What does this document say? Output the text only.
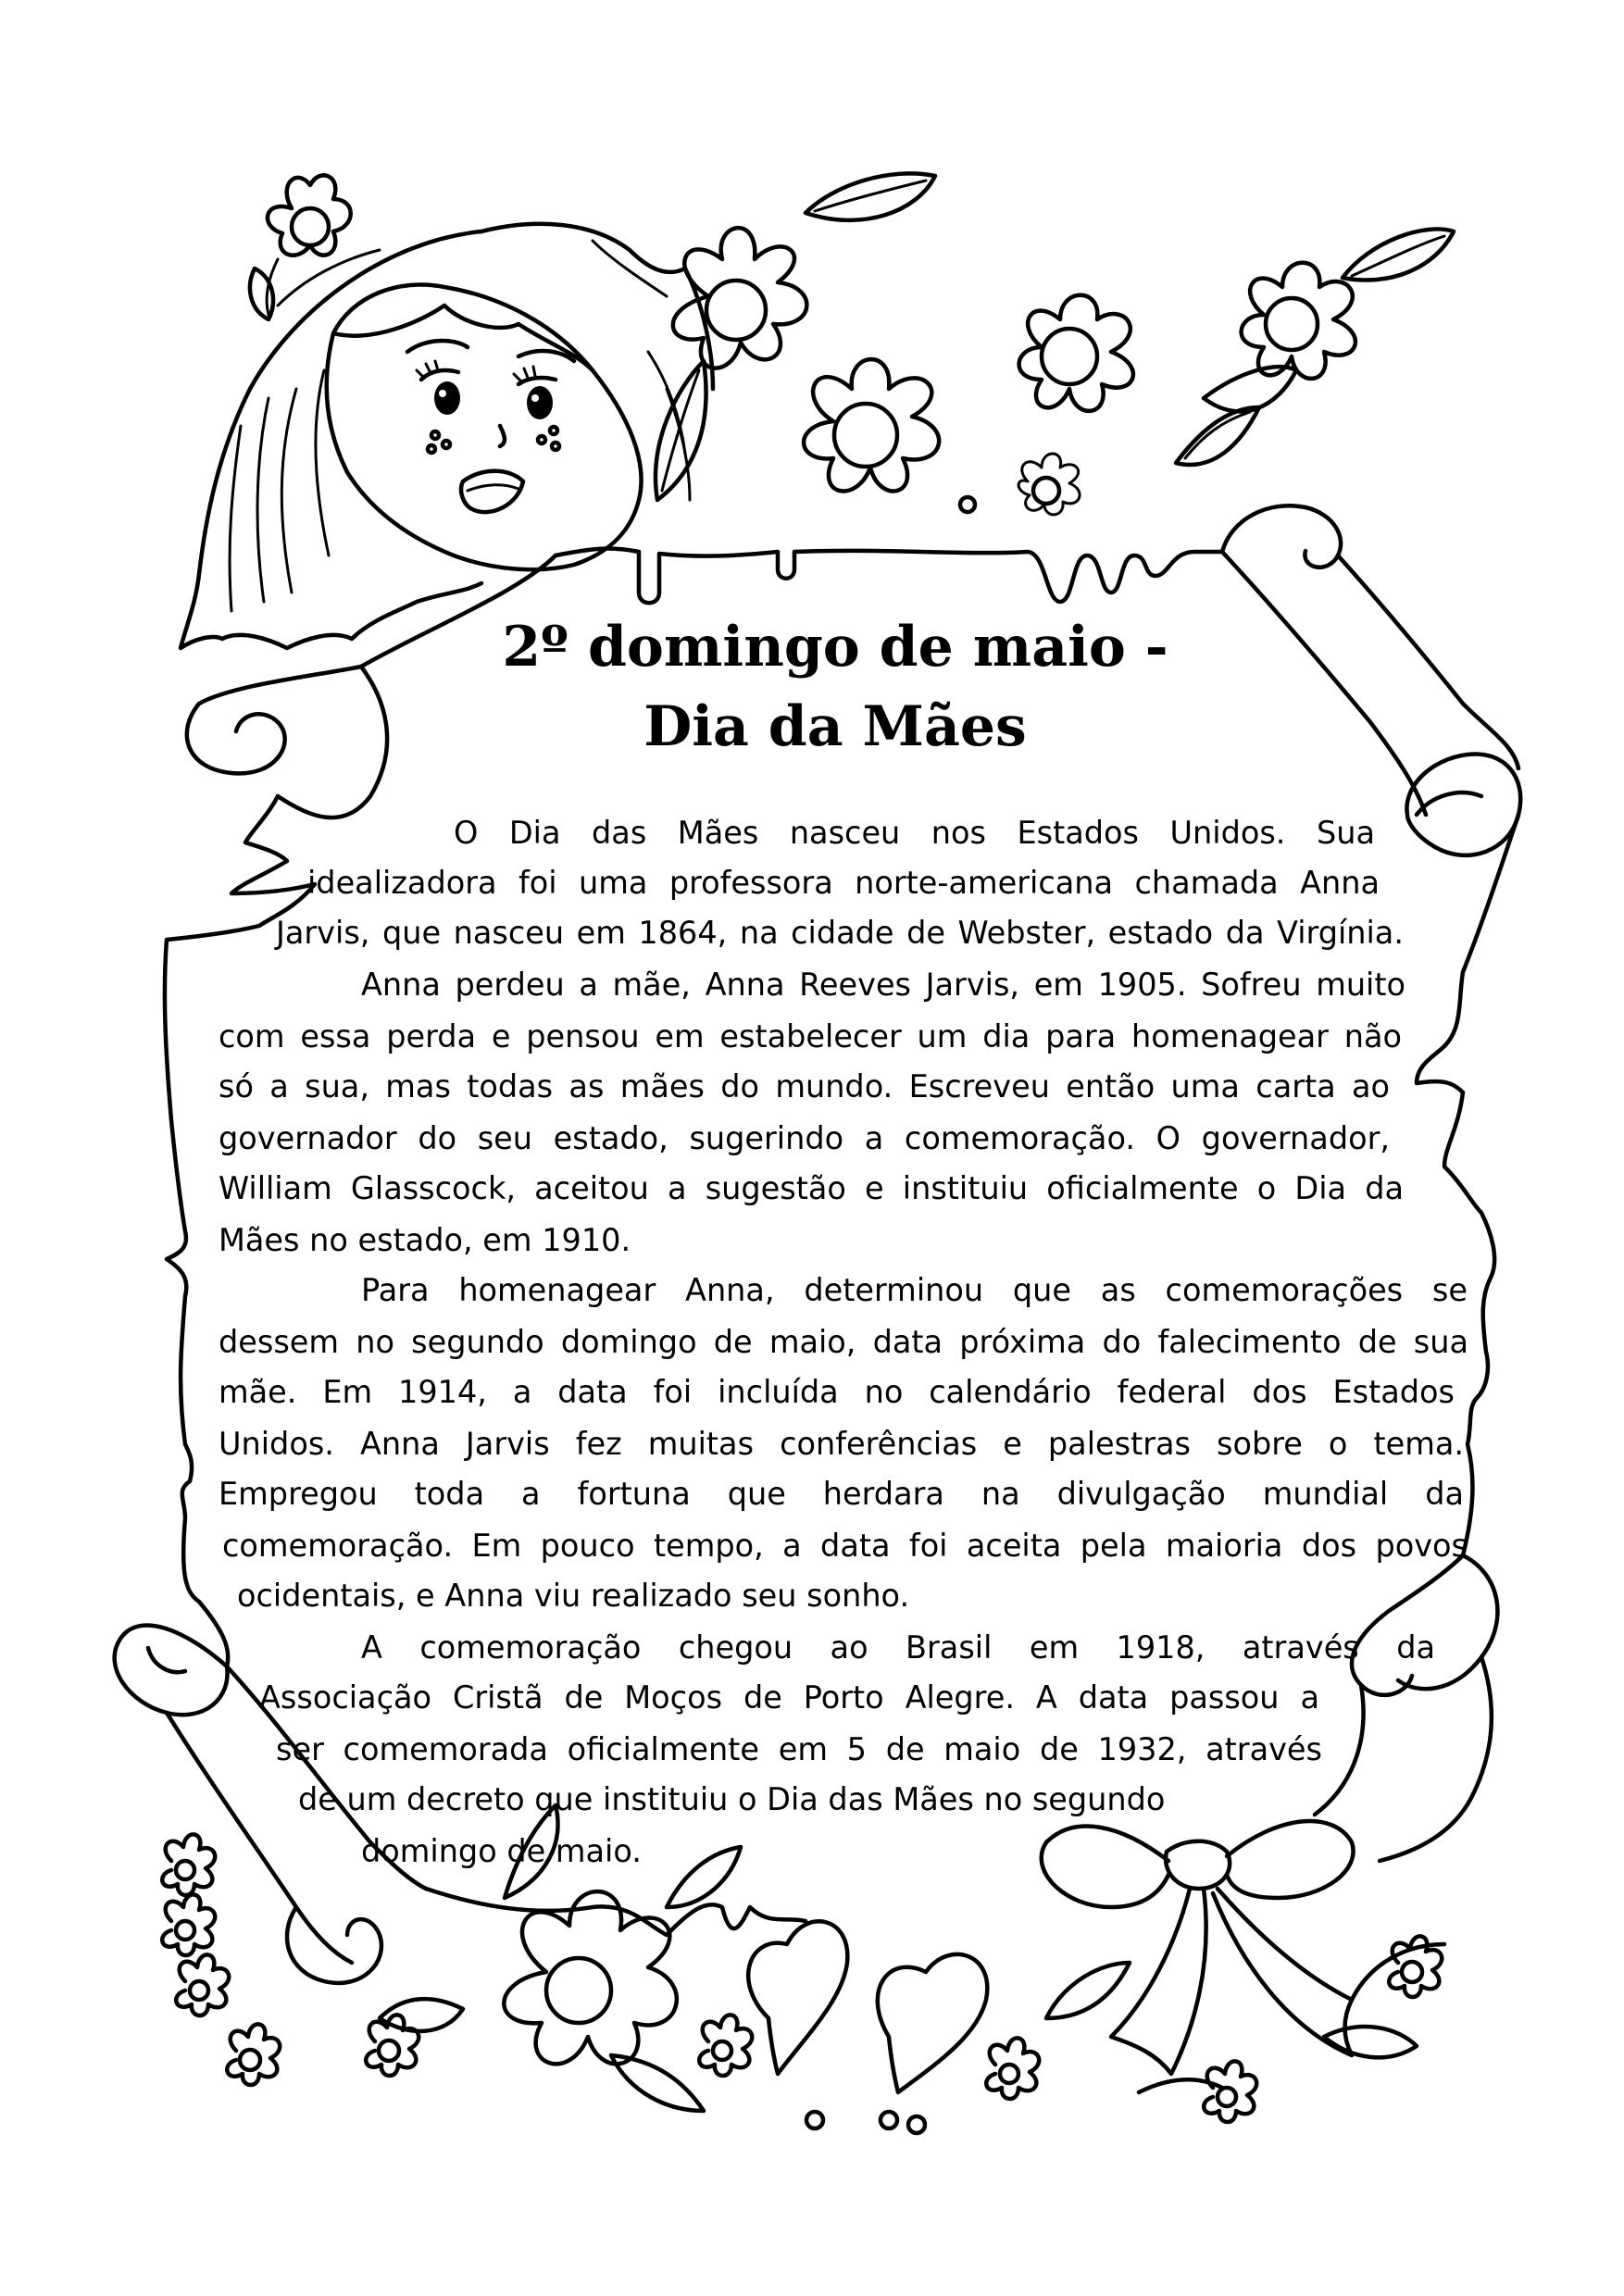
2º domingo de maio -
Dia da Mães

O Dia das Mães nasceu nos Estados Unidos. Sua

idealizadora foi uma professora norte-americana chamada Anna

Jarvis, que nasceu em 1864, na cidade de Webster, estado da Virgínia.

Anna perdeu a mãe, Anna Reeves Jarvis, em 1905. Sofreu muito

com essa perda e pensou em estabelecer um dia para homenagear não

só a sua, mas todas as mães do mundo. Escreveu então uma carta ao

governador do seu estado, sugerindo a comemoração. O governador,

William Glasscock, aceitou a sugestão e instituiu oficialmente o Dia da

Mães no estado, em 1910.

Para homenagear Anna, determinou que as comemorações se

dessem no segundo domingo de maio, data próxima do falecimento de sua

mãe. Em 1914, a data foi incluída no calendário federal dos Estados

Unidos. Anna Jarvis fez muitas conferências e palestras sobre o tema.

Empregou toda a fortuna que herdara na divulgação mundial da

comemoração. Em pouco tempo, a data foi aceita pela maioria dos povos

ocidentais, e Anna viu realizado seu sonho.

A comemoração chegou ao Brasil em 1918, através da

Associação Cristã de Moços de Porto Alegre. A data passou a

ser comemorada oficialmente em 5 de maio de 1932, através

de um decreto que instituiu o Dia das Mães no segundo

domingo de maio.
